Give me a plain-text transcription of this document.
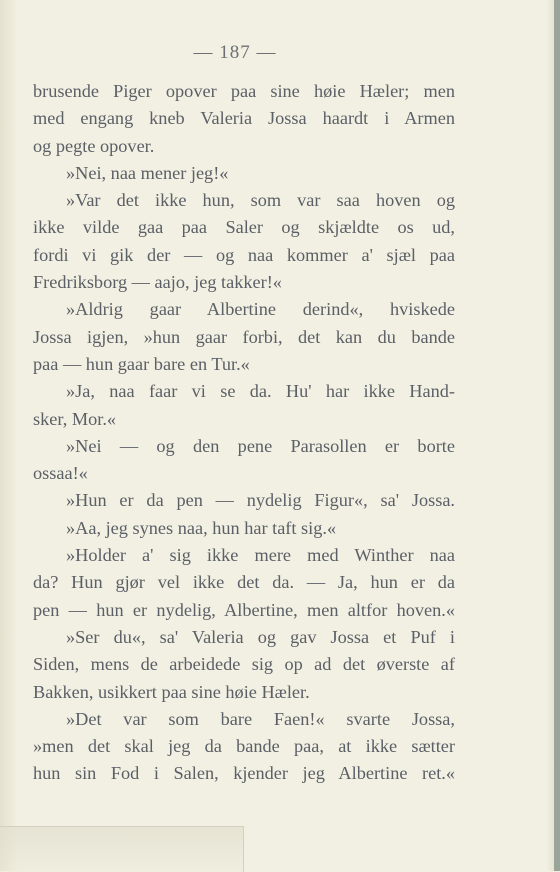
— 187 —
brusende Piger opover paa sine høie Hæler; men
med engang kneb Valeria Jossa haardt i Armen
og pegte opover.
»Nei, naa mener jeg!«
»Var det ikke hun, som var saa hoven og
ikke vilde gaa paa Saler og skjældte os ud,
fordi vi gik der — og naa kommer a' sjæl paa
Fredriksborg — aajo, jeg takker!«
»Aldrig gaar Albertine derind«, hviskede
Jossa igjen, »hun gaar forbi, det kan du bande
paa — hun gaar bare en Tur.«
»Ja, naa faar vi se da. Hu' har ikke Hand-
sker, Mor.«
»Nei — og den pene Parasollen er borte
ossaa!«
»Hun er da pen — nydelig Figur«, sa' Jossa.
»Aa, jeg synes naa, hun har taft sig.«
»Holder a' sig ikke mere med Winther naa
da? Hun gjør vel ikke det da. — Ja, hun er da
pen — hun er nydelig, Albertine, men altfor hoven.«
»Ser du«, sa' Valeria og gav Jossa et Puf i
Siden, mens de arbeidede sig op ad det øverste af
Bakken, usikkert paa sine høie Hæler.
»Det var som bare Faen!« svarte Jossa,
»men det skal jeg da bande paa, at ikke sætter
hun sin Fod i Salen, kjender jeg Albertine ret.«
